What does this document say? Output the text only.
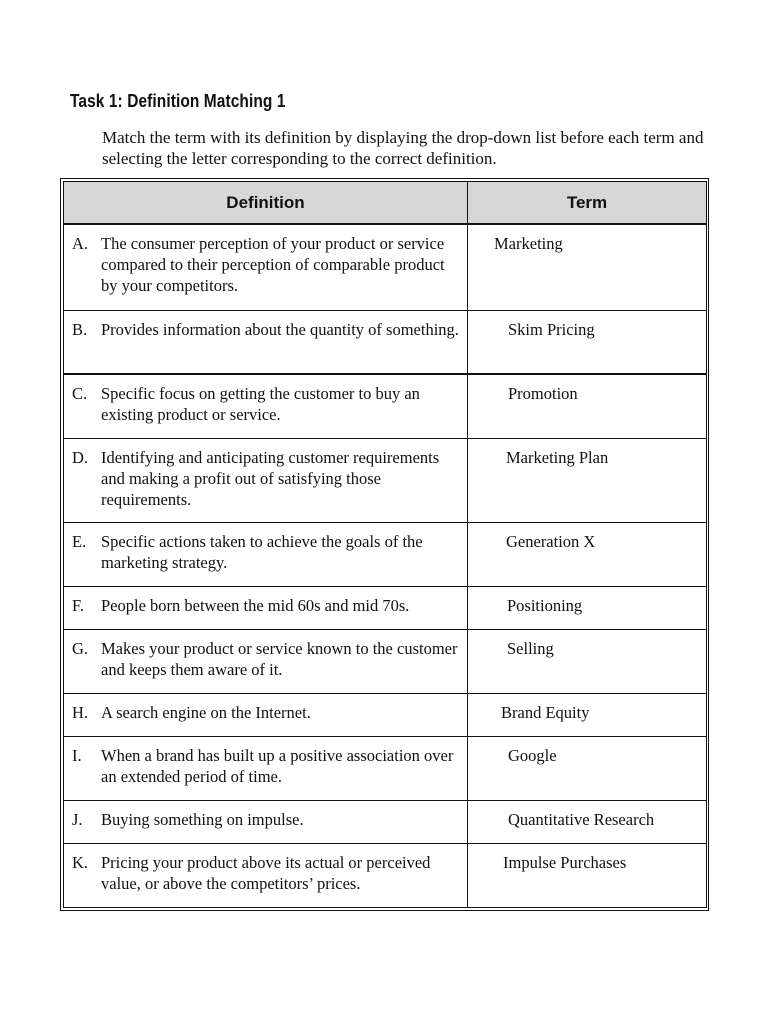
Task 1: Definition Matching 1
Match the term with its definition by displaying the drop-down list before each term and selecting the letter corresponding to the correct definition.
Definition	Term

A. The consumer perception of your product or service compared to their perception of comparable product by your competitors.	Marketing

B. Provides information about the quantity of something.	Skim Pricing

C. Specific focus on getting the customer to buy an existing product or service.	Promotion

D. Identifying and anticipating customer requirements and making a profit out of satisfying those requirements.	Marketing Plan

E. Specific actions taken to achieve the goals of the marketing strategy.	Generation X

F. People born between the mid 60s and mid 70s.	Positioning

G. Makes your product or service known to the customer and keeps them aware of it.	Selling

H. A search engine on the Internet.	Brand Equity

I. When a brand has built up a positive association over an extended period of time.	Google

J. Buying something on impulse.	Quantitative Research

K. Pricing your product above its actual or perceived value, or above the competitors’ prices.	Impulse Purchases
